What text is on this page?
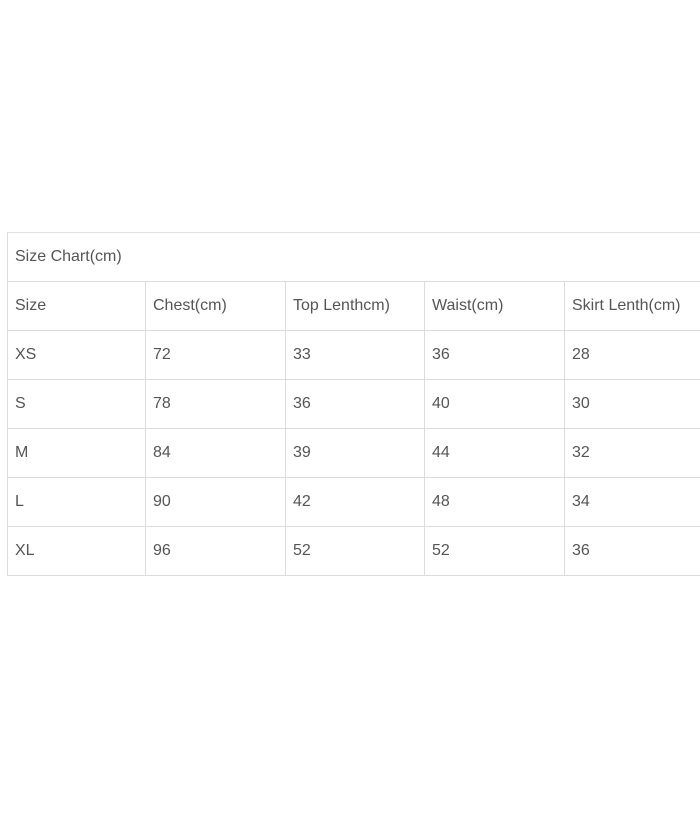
Size Chart(cm)				
Size	Chest(cm)	Top Lenthcm)	Waist(cm)	Skirt Lenth(cm)
XS	72	33	36	28
S	78	36	40	30
M	84	39	44	32
L	90	42	48	34
XL	96	52	52	36
